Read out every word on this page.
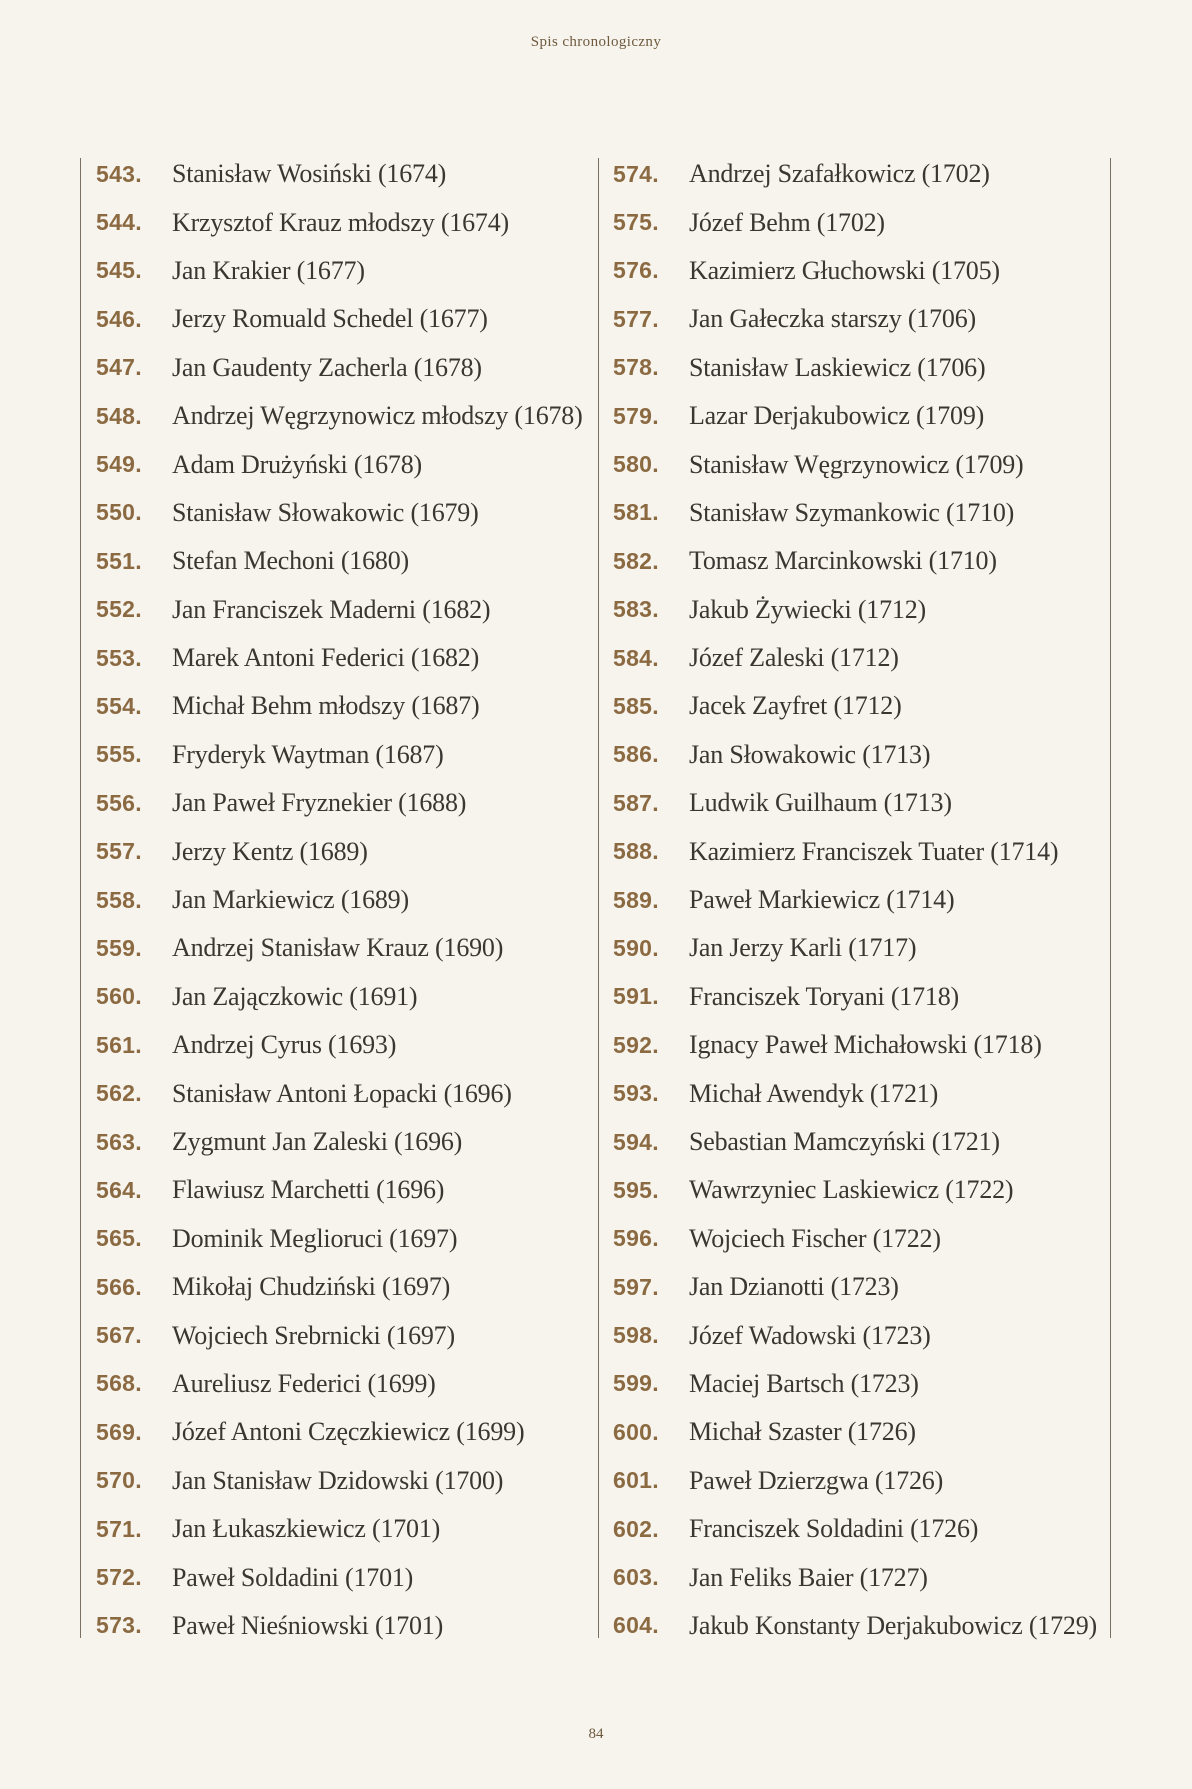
Spis chronologiczny
543.	Stanisław Wosiński (1674)
544.	Krzysztof Krauz młodszy (1674)
545.	Jan Krakier (1677)
546.	Jerzy Romuald Schedel (1677)
547.	Jan Gaudenty Zacherla (1678)
548.	Andrzej Węgrzynowicz młodszy (1678)
549.	Adam Drużyński (1678)
550.	Stanisław Słowakowic (1679)
551.	Stefan Mechoni (1680)
552.	Jan Franciszek Maderni (1682)
553.	Marek Antoni Federici (1682)
554.	Michał Behm młodszy (1687)
555.	Fryderyk Waytman (1687)
556.	Jan Paweł Fryznekier (1688)
557.	Jerzy Kentz (1689)
558.	Jan Markiewicz (1689)
559.	Andrzej Stanisław Krauz (1690)
560.	Jan Zajączkowic (1691)
561.	Andrzej Cyrus (1693)
562.	Stanisław Antoni Łopacki (1696)
563.	Zygmunt Jan Zaleski (1696)
564.	Flawiusz Marchetti (1696)
565.	Dominik Meglioruci (1697)
566.	Mikołaj Chudziński (1697)
567.	Wojciech Srebrnicki (1697)
568.	Aureliusz Federici (1699)
569.	Józef Antoni Częczkiewicz (1699)
570.	Jan Stanisław Dzidowski (1700)
571.	Jan Łukaszkiewicz (1701)
572.	Paweł Soldadini (1701)
573.	Paweł Nieśniowski (1701)
574.	Andrzej Szafałkowicz (1702)
575.	Józef Behm (1702)
576.	Kazimierz Głuchowski (1705)
577.	Jan Gałeczka starszy (1706)
578.	Stanisław Laskiewicz (1706)
579.	Lazar Derjakubowicz (1709)
580.	Stanisław Węgrzynowicz (1709)
581.	Stanisław Szymankowic (1710)
582.	Tomasz Marcinkowski (1710)
583.	Jakub Żywiecki (1712)
584.	Józef Zaleski (1712)
585.	Jacek Zayfret (1712)
586.	Jan Słowakowic (1713)
587.	Ludwik Guilhaum (1713)
588.	Kazimierz Franciszek Tuater (1714)
589.	Paweł Markiewicz (1714)
590.	Jan Jerzy Karli (1717)
591.	Franciszek Toryani (1718)
592.	Ignacy Paweł Michałowski (1718)
593.	Michał Awendyk (1721)
594.	Sebastian Mamczyński (1721)
595.	Wawrzyniec Laskiewicz (1722)
596.	Wojciech Fischer (1722)
597.	Jan Dzianotti (1723)
598.	Józef Wadowski (1723)
599.	Maciej Bartsch (1723)
600.	Michał Szaster (1726)
601.	Paweł Dzierzgwa (1726)
602.	Franciszek Soldadini (1726)
603.	Jan Feliks Baier (1727)
604.	Jakub Konstanty Derjakubowicz (1729)
84
